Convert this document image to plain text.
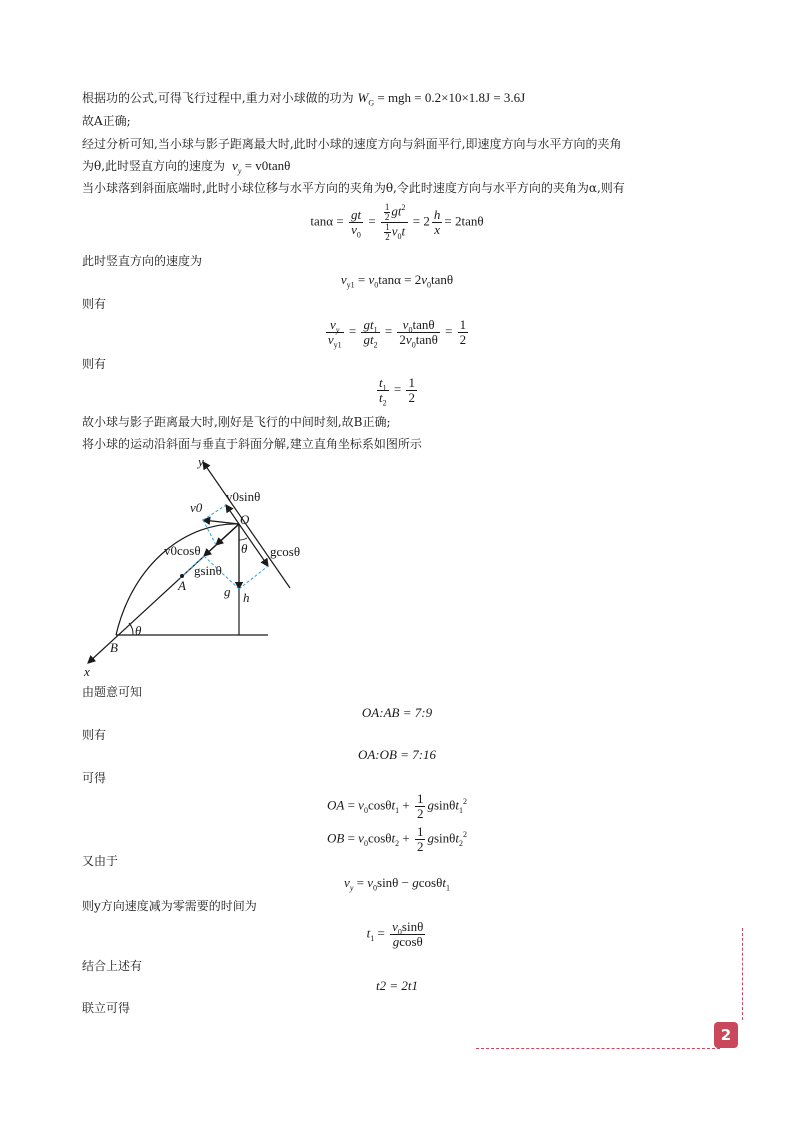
根据功的公式,可得飞行过程中,重力对小球做的功为 $W_G$ = mgh = 0.2×10×1.8J = 3.6J
故A正确;
经过分析可知,当小球与影子距离最大时,此时小球的速度方向与斜面平行,即速度方向与水平方向的夹角
为θ,此时竖直方向的速度为 $v_y = v0\tan\theta$
当小球落到斜面底端时,此时小球位移与水平方向的夹角为θ,令此时速度方向与水平方向的夹角为α,则有
$\tan\alpha = \frac{gt}{v_0} = \frac{\frac{1}{2} gt^2}{\frac{1}{2} v_0t} = 2 \frac{h}{x} = 2\tan\theta$
此时竖直方向的速度为
$v_{y1} = v_0\tan\alpha = 2v_0\tan\theta$
则有
$\frac{v_y}{v_{y1}} = \frac{gt_1}{gt_2} = \frac{v_0\tan\theta}{2v_0\tan\theta} = \frac{1}{2}$
则有
$\frac{t_1}{t_2} = \frac{1}{2}$
故小球与影子距离最大时,刚好是飞行的中间时刻,故B正确;
将小球的运动沿斜面与垂直于斜面分解,建立直角坐标系如图所示
y
x
O
A
B
θ
θ
h
g
v0
v0sinθ
v0cosθ
gsinθ
gcosθ
由题意可知
OA:AB = 7:9
则有
OA:OB = 7:16
可得
OA = $v_0\cos\theta t_1 + \frac{1}{2} gsin\theta t_1^2$
OB = $v_0\cos\theta t_2 + \frac{1}{2} gsin\theta t_2^2$
又由于
$v_y = v_0\sin\theta - gcos\theta t_1$
则y方向速度减为零需要的时间为
$t_1 = \frac{v_0\sin\theta}{gcos\theta}$
结合上述有
t2 = 2t1
联立可得
2
